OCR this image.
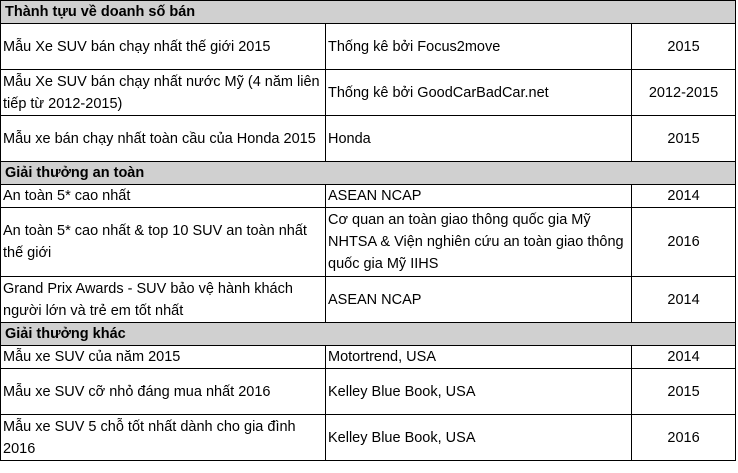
Thành tựu về doanh số bán		
Mẫu Xe SUV bán chạy nhất thế giới 2015	Thống kê bởi Focus2move	2015
Mẫu Xe SUV bán chạy nhất nước Mỹ (4 năm liên tiếp từ 2012-2015)	Thống kê bởi GoodCarBadCar.net	2012-2015
Mẫu xe bán chạy nhất toàn cầu của Honda 2015	Honda	2015
Giải thưởng an toàn		
An toàn 5* cao nhất	ASEAN NCAP	2014
An toàn 5* cao nhất & top 10 SUV an toàn nhất thế giới	Cơ quan an toàn giao thông quốc gia Mỹ NHTSA & Viện nghiên cứu an toàn giao thông quốc gia Mỹ IIHS	2016
Grand Prix Awards - SUV bảo vệ hành khách người lớn và trẻ em tốt nhất	ASEAN NCAP	2014
Giải thưởng khác		
Mẫu xe SUV của năm 2015	Motortrend, USA	2014
Mẫu xe SUV cỡ nhỏ đáng mua nhất 2016	Kelley Blue Book, USA	2015
Mẫu xe SUV 5 chỗ tốt nhất dành cho gia đình 2016	Kelley Blue Book, USA	2016
